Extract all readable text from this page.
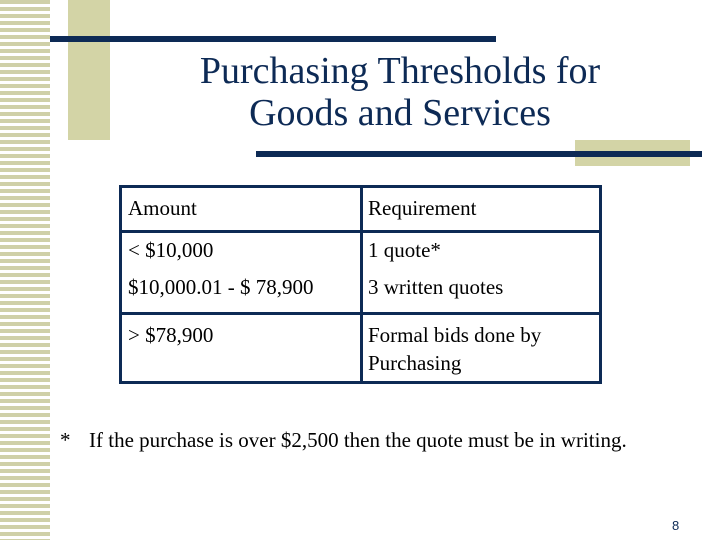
Purchasing Thresholds for
Goods and Services
Amount	Requirement
< $10,000	1 quote*
$10,000.01 - $ 78,900	3 written quotes
> $78,900	Formal bids done by Purchasing
* If the purchase is over $2,500 then the quote must be in writing.
8
